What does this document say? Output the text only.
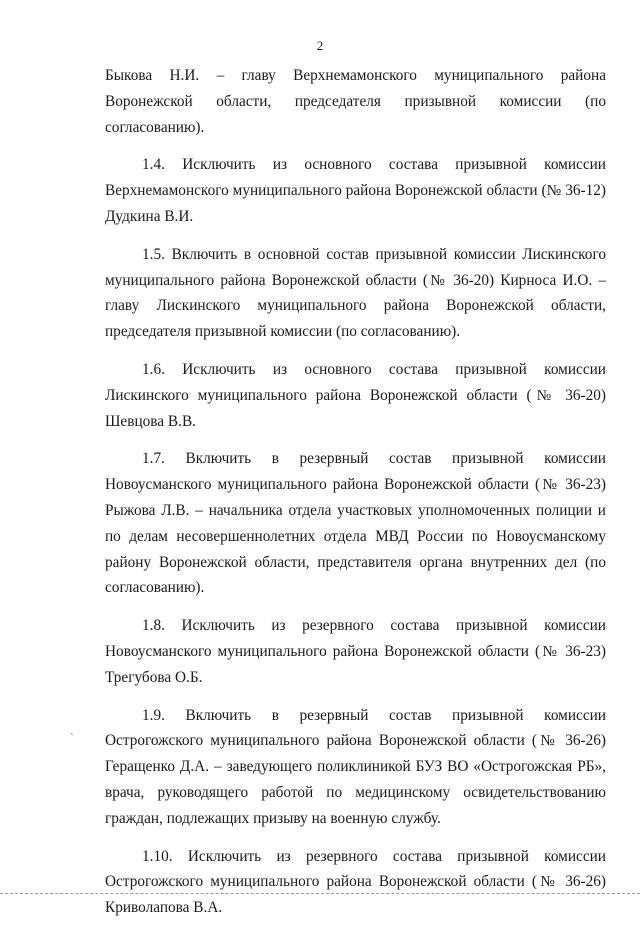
2

Быкова Н.И. – главу Верхнемамонского муниципального района Воронежской области, председателя призывной комиссии (по согласованию).

1.4. Исключить из основного состава призывной комиссии Верхнемамонского муниципального района Воронежской области (№ 36-12) Дудкина В.И.

1.5. Включить в основной состав призывной комиссии Лискинского муниципального района Воронежской области (№ 36-20) Кирноса И.О. – главу Лискинского муниципального района Воронежской области, председателя призывной комиссии (по согласованию).

1.6. Исключить из основного состава призывной комиссии Лискинского муниципального района Воронежской области (№ 36-20) Шевцова В.В.

1.7. Включить в резервный состав призывной комиссии Новоусманского муниципального района Воронежской области (№ 36-23) Рыжова Л.В. – начальника отдела участковых уполномоченных полиции и по делам несовершеннолетних отдела МВД России по Новоусманскому району Воронежской области, представителя органа внутренних дел (по согласованию).

1.8. Исключить из резервного состава призывной комиссии Новоусманского муниципального района Воронежской области (№ 36-23) Трегубова О.Б.

1.9. Включить в резервный состав призывной комиссии Острогожского муниципального района Воронежской области (№ 36-26) Геращенко Д.А. – заведующего поликлиникой БУЗ ВО «Острогожская РБ», врача, руководящего работой по медицинскому освидетельствованию граждан, подлежащих призыву на военную службу.

1.10. Исключить из резервного состава призывной комиссии Острогожского муниципального района Воронежской области (№ 36-26) Криволапова В.А.

`
